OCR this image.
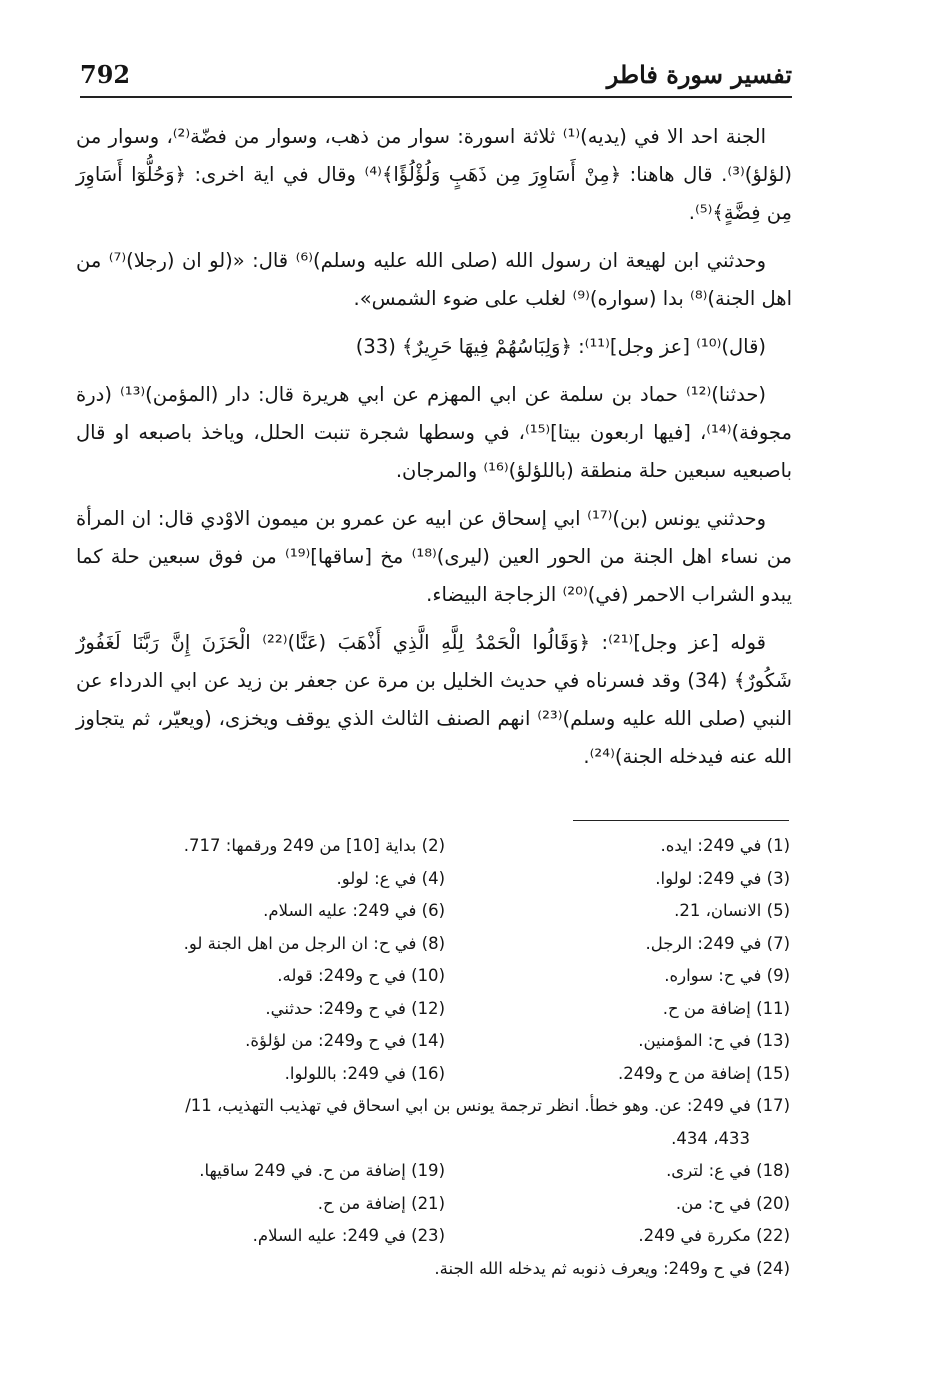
تفسير سورة فاطر
792

الجنة احد الا في (يديه)⁽¹⁾ ثلاثة اسورة: سوار من ذهب، وسوار من فضّة⁽²⁾، وسوار من (لؤلؤ)⁽³⁾. قال هاهنا: ﴿مِنْ أَسَاوِرَ مِن ذَهَبٍ وَلُؤْلُؤًا﴾⁽⁴⁾ وقال في اية اخرى: ﴿وَحُلُّوٓا أَسَاوِرَ مِن فِضَّةٍ﴾⁽⁵⁾.

وحدثني ابن لهيعة ان رسول الله (صلى الله عليه وسلم)⁽⁶⁾ قال: «(لو ان (رجلا)⁽⁷⁾ من اهل الجنة)⁽⁸⁾ بدا (سواره)⁽⁹⁾ لغلب على ضوء الشمس».

(قال)⁽¹⁰⁾ [عز وجل]⁽¹¹⁾: ﴿وَلِبَاسُهُمْ فِيهَا حَرِيرٌ﴾ (33)

(حدثنا)⁽¹²⁾ حماد بن سلمة عن ابي المهزم عن ابي هريرة قال: دار (المؤمن)⁽¹³⁾ (درة مجوفة)⁽¹⁴⁾، [فيها اربعون بيتا]⁽¹⁵⁾، في وسطها شجرة تنبت الحلل، وياخذ باصبعه او قال باصبعيه سبعين حلة منطقة (باللؤلؤ)⁽¹⁶⁾ والمرجان.

وحدثني يونس (بن)⁽¹⁷⁾ ابي إسحاق عن ابيه عن عمرو بن ميمون الاوْدي قال: ان المرأة من نساء اهل الجنة من الحور العين (ليرى)⁽¹⁸⁾ مخ [ساقها]⁽¹⁹⁾ من فوق سبعين حلة كما يبدو الشراب الاحمر (في)⁽²⁰⁾ الزجاجة البيضاء.

قوله [عز وجل]⁽²¹⁾: ﴿وَقَالُوا الْحَمْدُ لِلَّهِ الَّذِي أَذْهَبَ (عَنَّا)⁽²²⁾ الْحَزَنَ إِنَّ رَبَّنَا لَغَفُورٌ شَكُورٌ﴾ (34) وقد فسرناه في حديث الخليل بن مرة عن جعفر بن زيد عن ابي الدرداء عن النبي (صلى الله عليه وسلم)⁽²³⁾ انهم الصنف الثالث الذي يوقف ويخزى، (ويعيّر، ثم يتجاوز الله عنه فيدخله الجنة)⁽²⁴⁾.

(1) في 249: ايده.
(2) بداية [10] من 249 ورقمها: 717.
(3) في 249: لولوا.
(4) في ع: لولو.
(5) الانسان، 21.
(6) في 249: عليه السلام.
(7) في 249: الرجل.
(8) في ح: ان الرجل من اهل الجنة لو.
(9) في ح: سواره.
(10) في ح و249: قوله.
(11) إضافة من ح.
(12) في ح و249: حدثني.
(13) في ح: المؤمنين.
(14) في ح و249: من لؤلؤة.
(15) إضافة من ح و249.
(16) في 249: باللولوا.
(17) في 249: عن. وهو خطأ. انظر ترجمة يونس بن ابي اسحاق في تهذيب التهذيب، 11/
433، 434.
(18) في ع: لترى.
(19) إضافة من ح. في 249 ساقيها.
(20) في ح: من.
(21) إضافة من ح.
(22) مكررة في 249.
(23) في 249: عليه السلام.
(24) في ح و249: ويعرف ذنوبه ثم يدخله الله الجنة.
